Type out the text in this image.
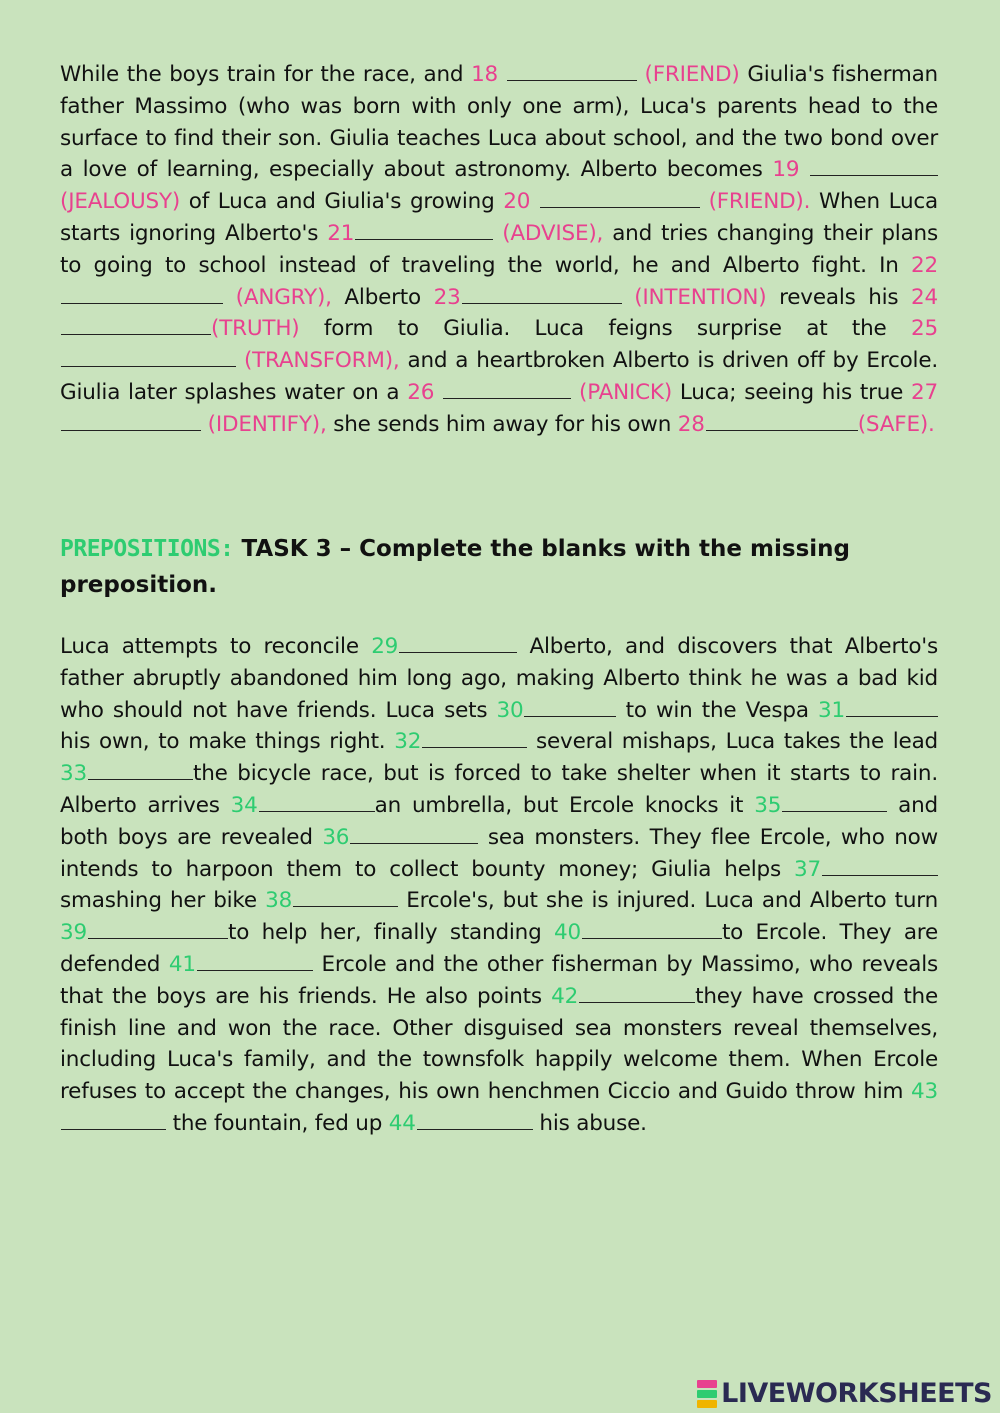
While the boys train for the race, and 18	(FRIEND) Giulia's fisherman father Massimo (who was born with only one arm), Luca's parents head to the surface to find their son. Giulia teaches Luca about school, and the two bond over a love of learning, especially about astronomy. Alberto becomes 19  (JEALOUSY) of Luca and Giulia's growing 20	(FRIEND). When Luca starts ignoring Alberto's 21	(ADVISE), and tries changing their plans to going to school instead of traveling the world, he and Alberto fight. In 22 (ANGRY), Alberto 23	(INTENTION) reveals his 24 (TRUTH) form to Giulia. Luca feigns surprise at the 25 (TRANSFORM), and a heartbroken Alberto is driven off by Ercole. Giulia later splashes water on a 26	(PANICK) Luca; seeing his true 27 (IDENTIFY), she sends him away for his own 28	(SAFE).
PREPOSITIONS: TASK 3 – Complete the blanks with the missing preposition.
Luca attempts to reconcile 29	Alberto, and discovers that Alberto's father abruptly abandoned him long ago, making Alberto think he was a bad kid who should not have friends. Luca sets 30	to win the Vespa 31 his own, to make things right. 32	several mishaps, Luca takes the lead 33	the bicycle race, but is forced to take shelter when it starts to rain. Alberto arrives 34	an umbrella, but Ercole knocks it 35	and both boys are revealed 36	sea monsters. They flee Ercole, who now intends to harpoon them to collect bounty money; Giulia helps 37 smashing her bike 38	Ercole's, but she is injured. Luca and Alberto turn 39	to help her, finally standing 40	to Ercole. They are defended 41	Ercole and the other fisherman by Massimo, who reveals that the boys are his friends. He also points 42	they have crossed the finish line and won the race. Other disguised sea monsters reveal themselves, including Luca's family, and the townsfolk happily welcome them. When Ercole refuses to accept the changes, his own henchmen Ciccio and Guido throw him 43 the fountain, fed up 44	his abuse.
LIVEWORKSHEETS
